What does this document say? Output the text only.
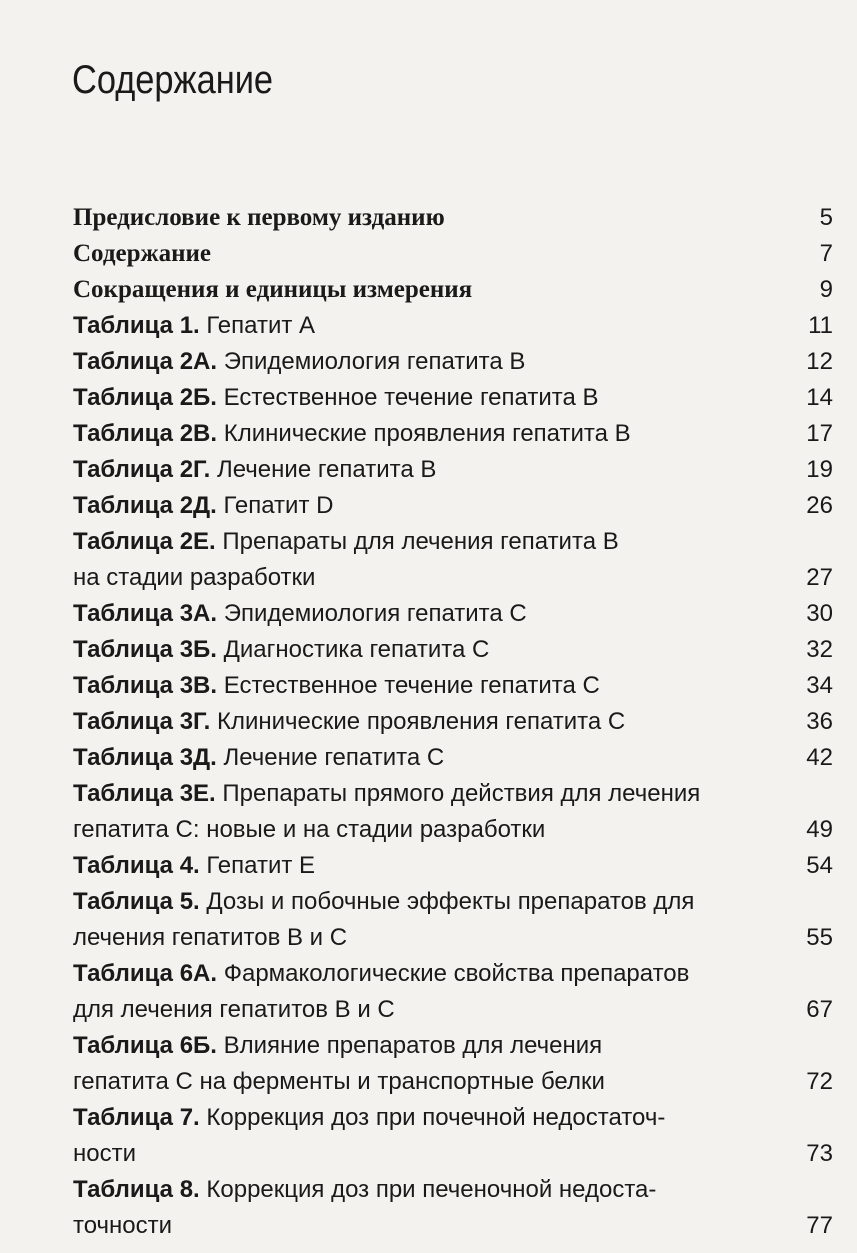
Содержание
Предисловие к первому изданию	5
Содержание	7
Сокращения и единицы измерения	9
Таблица 1. Гепатит А	11
Таблица 2А. Эпидемиология гепатита В	12
Таблица 2Б. Естественное течение гепатита В	14
Таблица 2В. Клинические проявления гепатита В	17
Таблица 2Г. Лечение гепатита В	19
Таблица 2Д. Гепатит D	26
Таблица 2Е. Препараты для лечения гепатита В
на стадии разработки	27
Таблица 3А. Эпидемиология гепатита С	30
Таблица 3Б. Диагностика гепатита С	32
Таблица 3В. Естественное течение гепатита С	34
Таблица 3Г. Клинические проявления гепатита С	36
Таблица 3Д. Лечение гепатита С	42
Таблица 3Е. Препараты прямого действия для лечения
гепатита С: новые и на стадии разработки	49
Таблица 4. Гепатит Е	54
Таблица 5. Дозы и побочные эффекты препаратов для
лечения гепатитов В и С	55
Таблица 6А. Фармакологические свойства препаратов
для лечения гепатитов В и С	67
Таблица 6Б. Влияние препаратов для лечения
гепатита С на ферменты и транспортные белки	72
Таблица 7. Коррекция доз при почечной недостаточ-
ности	73
Таблица 8. Коррекция доз при печеночной недоста-
точности	77
